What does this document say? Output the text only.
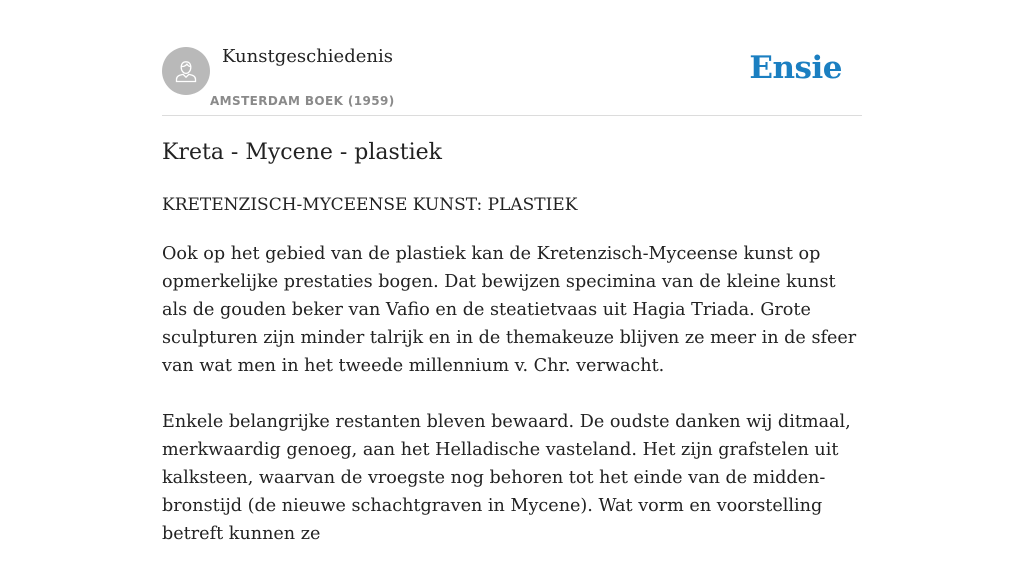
Kunstgeschiedenis
AMSTERDAM BOEK (1959)
Ensie
Kreta - Mycene - plastiek
KRETENZISCH-MYCEENSE KUNST: PLASTIEK

Ook op het gebied van de plastiek kan de Kretenzisch-Myceense kunst op opmerkelijke prestaties bogen. Dat bewijzen specimina van de kleine kunst als de gouden beker van Vafio en de steatietvaas uit Hagia Triada. Grote sculpturen zijn minder talrijk en in de themakeuze blijven ze meer in de sfeer van wat men in het tweede millennium v. Chr. verwacht.

Enkele belangrijke restanten bleven bewaard. De oudste danken wij ditmaal, merkwaardig genoeg, aan het Helladische vasteland. Het zijn grafstelen uit kalksteen, waarvan de vroegste nog behoren tot het einde van de midden-bronstijd (de nieuwe schachtgraven in Mycene). Wat vorm en voorstelling betreft kunnen ze
